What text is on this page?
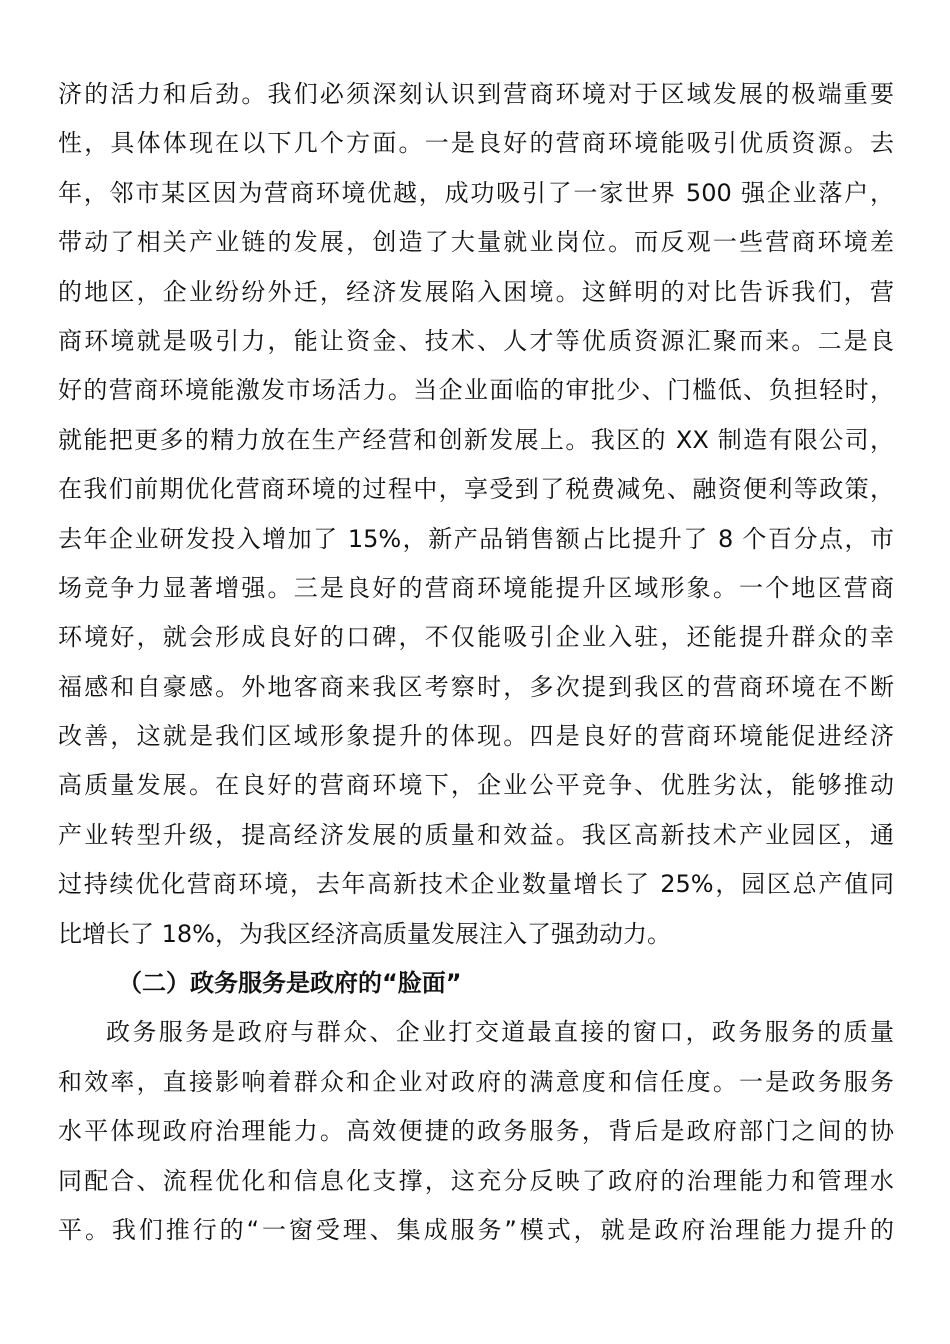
济的活力和后劲。我们必须深刻认识到营商环境对于区域发展的极端重要
性，具体体现在以下几个方面。一是良好的营商环境能吸引优质资源。去
年，邻市某区因为营商环境优越，成功吸引了一家世界 500 强企业落户，
带动了相关产业链的发展，创造了大量就业岗位。而反观一些营商环境差
的地区，企业纷纷外迁，经济发展陷入困境。这鲜明的对比告诉我们，营
商环境就是吸引力，能让资金、技术、人才等优质资源汇聚而来。二是良
好的营商环境能激发市场活力。当企业面临的审批少、门槛低、负担轻时，
就能把更多的精力放在生产经营和创新发展上。我区的 XX 制造有限公司，
在我们前期优化营商环境的过程中，享受到了税费减免、融资便利等政策，
去年企业研发投入增加了 15%，新产品销售额占比提升了 8 个百分点，市
场竞争力显著增强。三是良好的营商环境能提升区域形象。一个地区营商
环境好，就会形成良好的口碑，不仅能吸引企业入驻，还能提升群众的幸
福感和自豪感。外地客商来我区考察时，多次提到我区的营商环境在不断
改善，这就是我们区域形象提升的体现。四是良好的营商环境能促进经济
高质量发展。在良好的营商环境下，企业公平竞争、优胜劣汰，能够推动
产业转型升级，提高经济发展的质量和效益。我区高新技术产业园区，通
过持续优化营商环境，去年高新技术企业数量增长了 25%，园区总产值同
比增长了 18%，为我区经济高质量发展注入了强劲动力。
（二）政务服务是政府的“脸面”
政务服务是政府与群众、企业打交道最直接的窗口，政务服务的质量
和效率，直接影响着群众和企业对政府的满意度和信任度。一是政务服务
水平体现政府治理能力。高效便捷的政务服务，背后是政府部门之间的协
同配合、流程优化和信息化支撑，这充分反映了政府的治理能力和管理水
平。我们推行的“一窗受理、集成服务”模式，就是政府治理能力提升的
